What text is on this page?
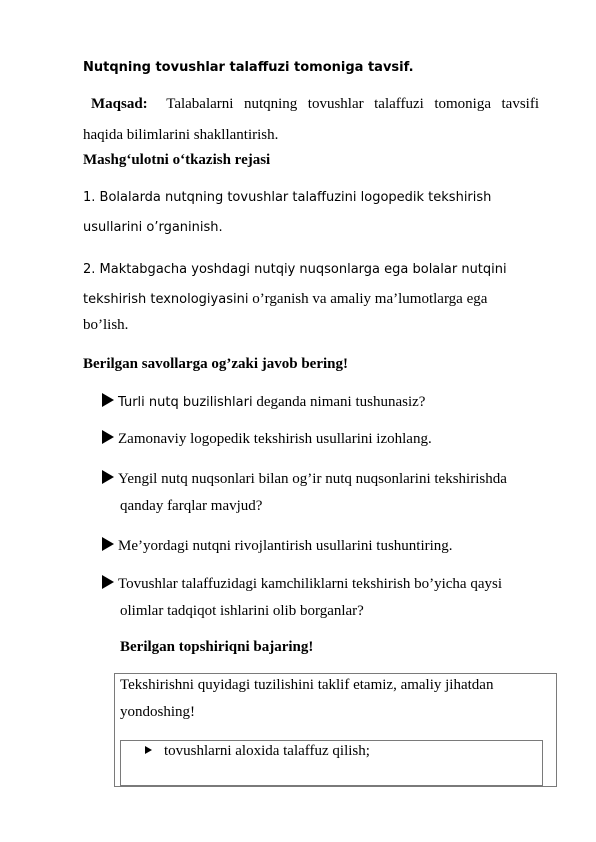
Nutqning tovushlar talaffuzi tomoniga tavsif.
Maqsad: Talabalarni nutqning tovushlar talaffuzi tomoniga tavsifi
haqida bilimlarini shakllantirish.
Mashg‘ulotni o‘tkazish rejasi
1. Bolalarda nutqning tovushlar talaffuzini logopedik tekshirish
usullarini o’rganinish.
2. Maktabgacha yoshdagi nutqiy nuqsonlarga ega bolalar nutqini
tekshirish texnologiyasini o’rganish va amaliy ma’lumotlarga ega
bo’lish.
Berilgan savollarga og’zaki javob bering!
Turli nutq buzilishlari deganda nimani tushunasiz?
Zamonaviy logopedik tekshirish usullarini izohlang.
Yengil nutq nuqsonlari bilan og’ir nutq nuqsonlarini tekshirishda
qanday farqlar mavjud?
Me’yordagi nutqni rivojlantirish usullarini tushuntiring.
Tovushlar talaffuzidagi kamchiliklarni tekshirish bo’yicha qaysi
olimlar tadqiqot ishlarini olib borganlar?
Berilgan topshiriqni bajaring!
Tekshirishni quyidagi tuzilishini taklif etamiz, amaliy jihatdan
yondoshing!
tovushlarni aloxida talaffuz qilish;
